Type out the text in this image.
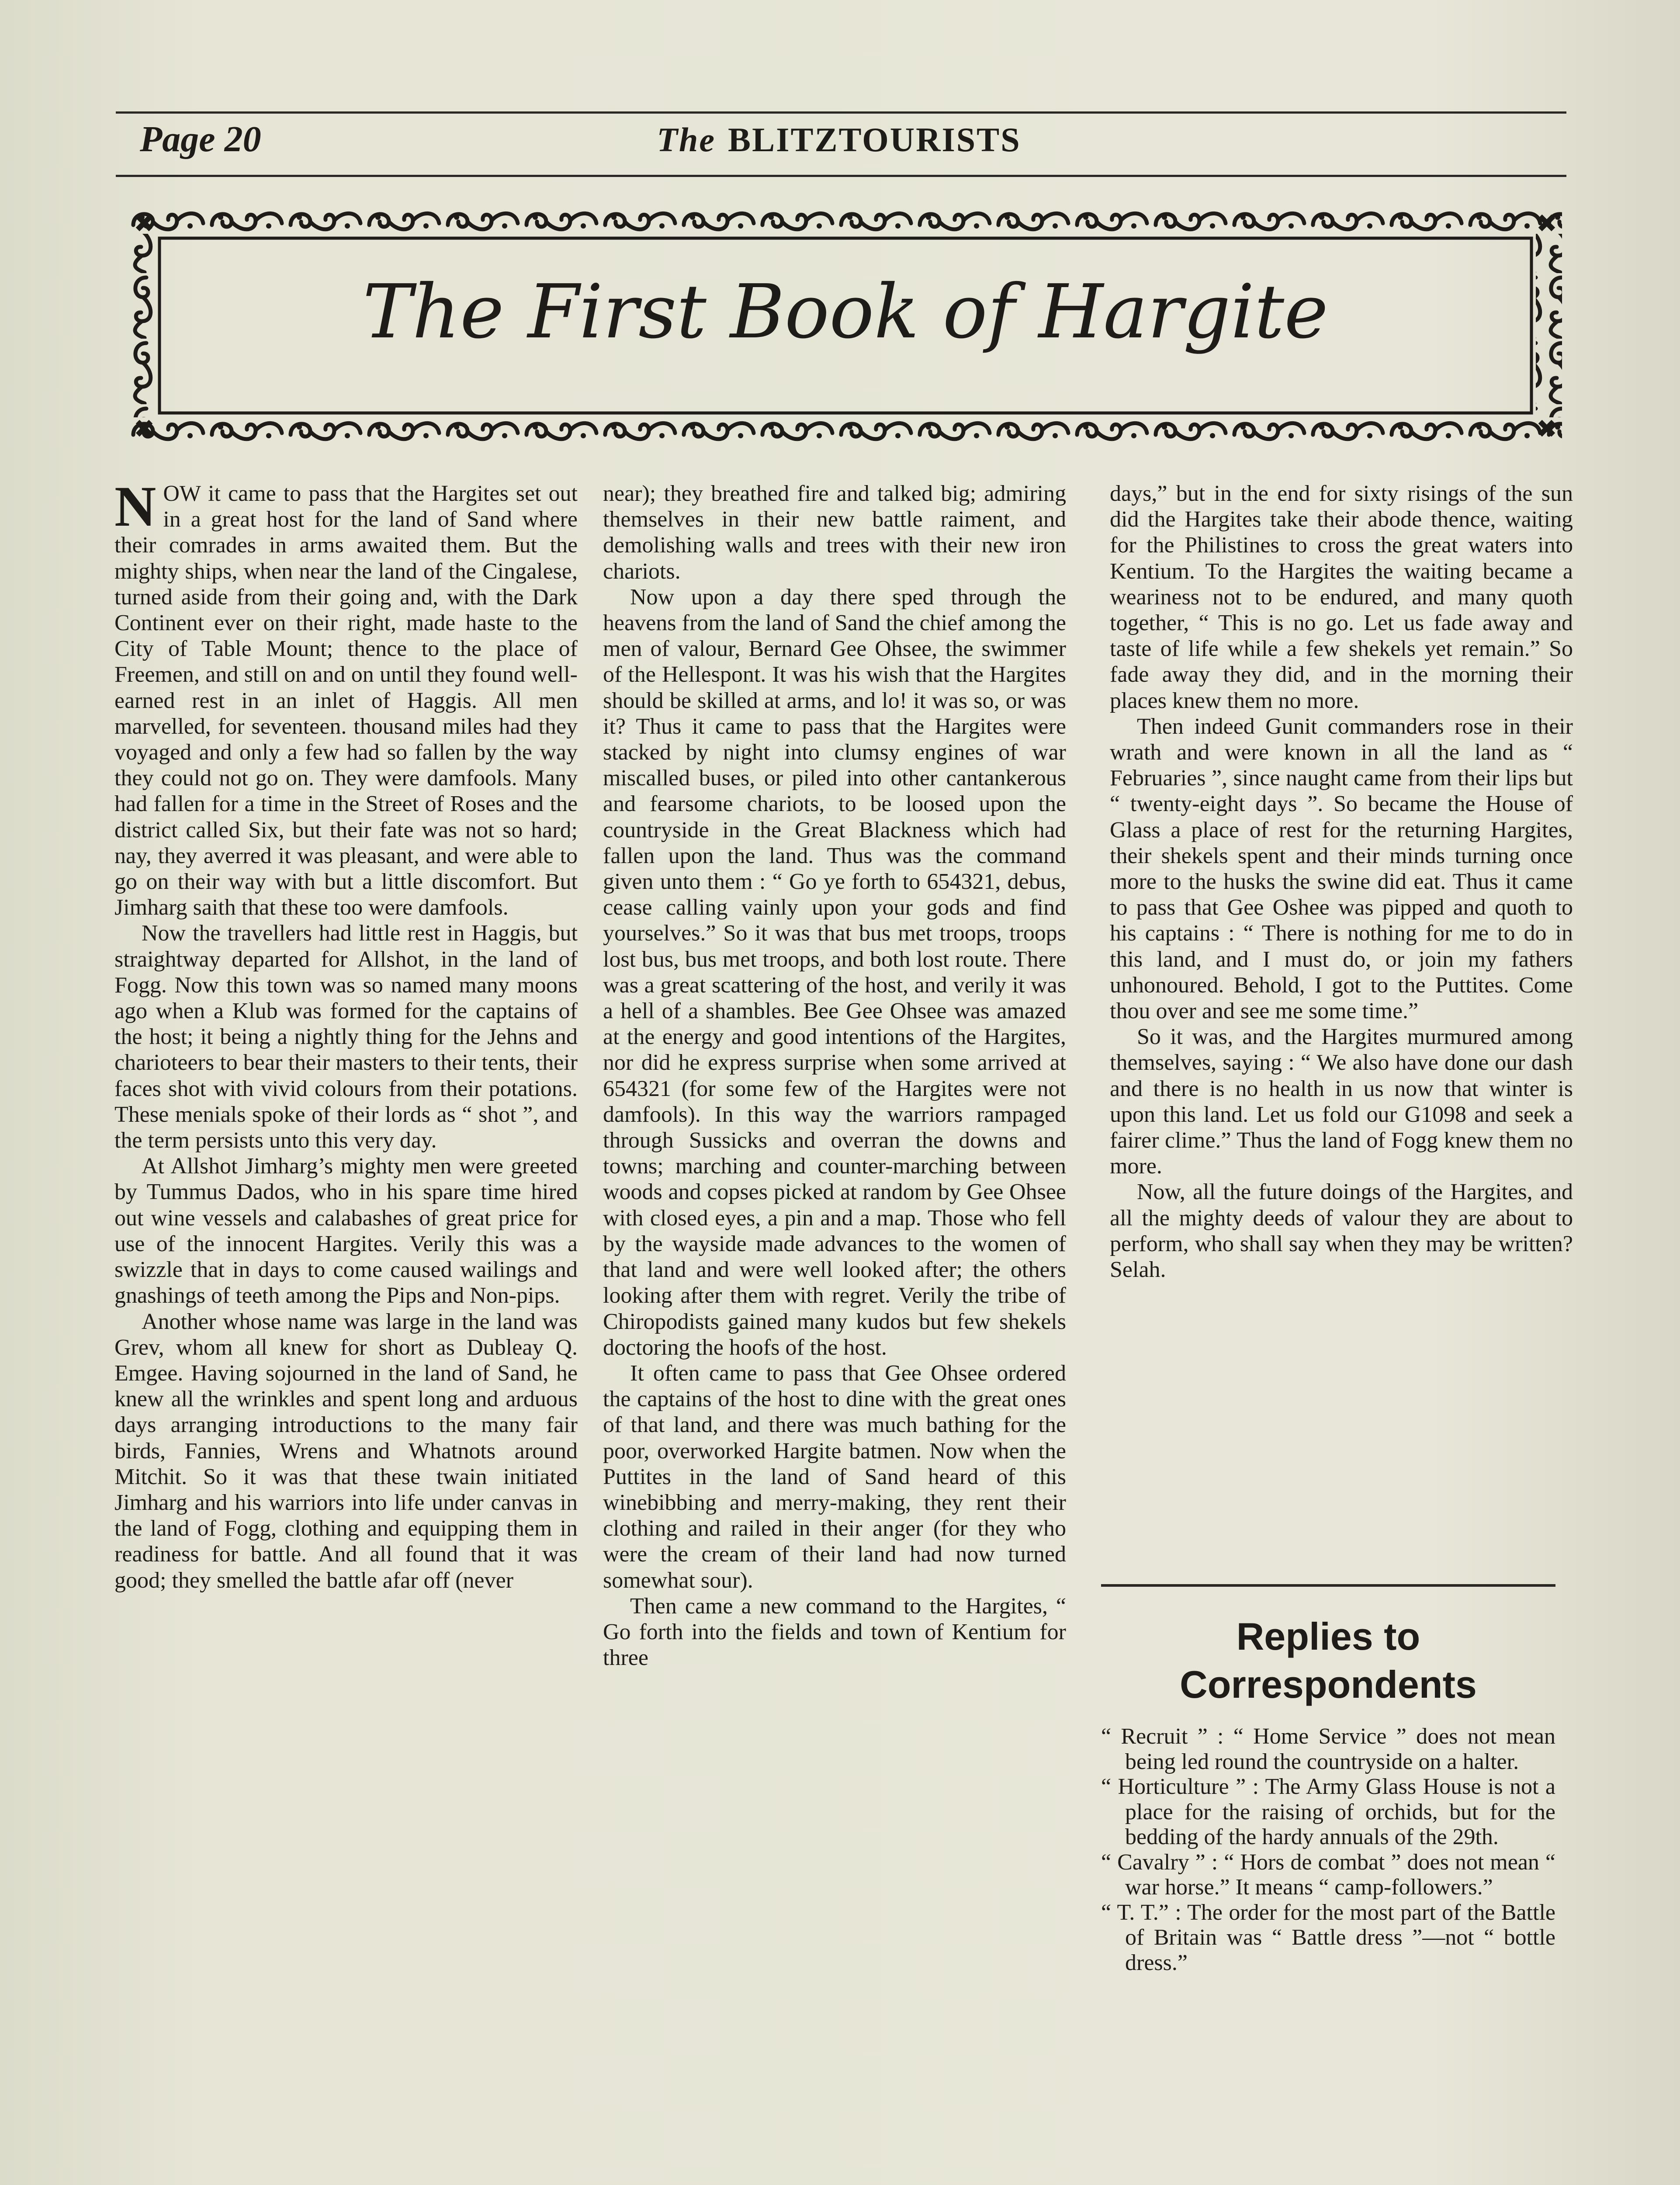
Page 20	The BLITZTOURISTS
The First Book of Hargite

NOW it came to pass that the Hargites set out in a great host for the land of Sand where their comrades in arms awaited them. But the mighty ships, when near the land of the Cingalese, turned aside from their going and, with the Dark Continent ever on their right, made haste to the City of Table Mount; thence to the place of Freemen, and still on and on until they found well-earned rest in an inlet of Haggis. All men marvelled, for seventeen. thousand miles had they voyaged and only a few had so fallen by the way they could not go on. They were damfools. Many had fallen for a time in the Street of Roses and the district called Six, but their fate was not so hard; nay, they averred it was pleasant, and were able to go on their way with but a little discomfort. But Jimharg saith that these too were damfools.

Now the travellers had little rest in Haggis, but straightway departed for Allshot, in the land of Fogg. Now this town was so named many moons ago when a Klub was formed for the captains of the host; it being a nightly thing for the Jehns and charioteers to bear their masters to their tents, their faces shot with vivid colours from their potations. These menials spoke of their lords as “ shot ”, and the term persists unto this very day.

At Allshot Jimharg’s mighty men were greeted by Tummus Dados, who in his spare time hired out wine vessels and calabashes of great price for use of the innocent Hargites. Verily this was a swizzle that in days to come caused wailings and gnashings of teeth among the Pips and Non-pips.

Another whose name was large in the land was Grev, whom all knew for short as Dubleay Q. Emgee. Having sojourned in the land of Sand, he knew all the wrinkles and spent long and arduous days arranging introductions to the many fair birds, Fannies, Wrens and Whatnots around Mitchit. So it was that these twain initiated Jimharg and his warriors into life under canvas in the land of Fogg, clothing and equipping them in readiness for battle. And all found that it was good; they smelled the battle afar off (never

near); they breathed fire and talked big; admiring themselves in their new battle raiment, and demolishing walls and trees with their new iron chariots.

Now upon a day there sped through the heavens from the land of Sand the chief among the men of valour, Bernard Gee Ohsee, the swimmer of the Hellespont. It was his wish that the Hargites should be skilled at arms, and lo! it was so, or was it? Thus it came to pass that the Hargites were stacked by night into clumsy engines of war miscalled buses, or piled into other cantankerous and fearsome chariots, to be loosed upon the countryside in the Great Blackness which had fallen upon the land. Thus was the command given unto them : “ Go ye forth to 654321, debus, cease calling vainly upon your gods and find yourselves.” So it was that bus met troops, troops lost bus, bus met troops, and both lost route. There was a great scattering of the host, and verily it was a hell of a shambles. Bee Gee Ohsee was amazed at the energy and good intentions of the Hargites, nor did he express surprise when some arrived at 654321 (for some few of the Hargites were not damfools). In this way the warriors rampaged through Sussicks and overran the downs and towns; marching and counter-marching between woods and copses picked at random by Gee Ohsee with closed eyes, a pin and a map. Those who fell by the wayside made advances to the women of that land and were well looked after; the others looking after them with regret. Verily the tribe of Chiropodists gained many kudos but few shekels doctoring the hoofs of the host.

It often came to pass that Gee Ohsee ordered the captains of the host to dine with the great ones of that land, and there was much bathing for the poor, overworked Hargite batmen. Now when the Puttites in the land of Sand heard of this winebibbing and merry-making, they rent their clothing and railed in their anger (for they who were the cream of their land had now turned somewhat sour).

Then came a new command to the Hargites, “ Go forth into the fields and town of Kentium for three

days,” but in the end for sixty risings of the sun did the Hargites take their abode thence, waiting for the Philistines to cross the great waters into Kentium. To the Hargites the waiting became a weariness not to be endured, and many quoth together, “ This is no go. Let us fade away and taste of life while a few shekels yet remain.” So fade away they did, and in the morning their places knew them no more.

Then indeed Gunit commanders rose in their wrath and were known in all the land as “ Februaries ”, since naught came from their lips but “ twenty-eight days ”. So became the House of Glass a place of rest for the returning Hargites, their shekels spent and their minds turning once more to the husks the swine did eat. Thus it came to pass that Gee Oshee was pipped and quoth to his captains : “ There is nothing for me to do in this land, and I must do, or join my fathers unhonoured. Behold, I got to the Puttites. Come thou over and see me some time.”

So it was, and the Hargites murmured among themselves, saying : “ We also have done our dash and there is no health in us now that winter is upon this land. Let us fold our G1098 and seek a fairer clime.” Thus the land of Fogg knew them no more.

Now, all the future doings of the Hargites, and all the mighty deeds of valour they are about to perform, who shall say when they may be written? Selah.

Replies to
Correspondents
“ Recruit ” : “ Home Service ” does not mean being led round the countryside on a halter.
“ Horticulture ” : The Army Glass House is not a place for the raising of orchids, but for the bedding of the hardy annuals of the 29th.
“ Cavalry ” : “ Hors de combat ” does not mean “ war horse.” It means “ camp-followers.”
“ T. T.” : The order for the most part of the Battle of Britain was “ Battle dress ”—not “ bottle dress.”
